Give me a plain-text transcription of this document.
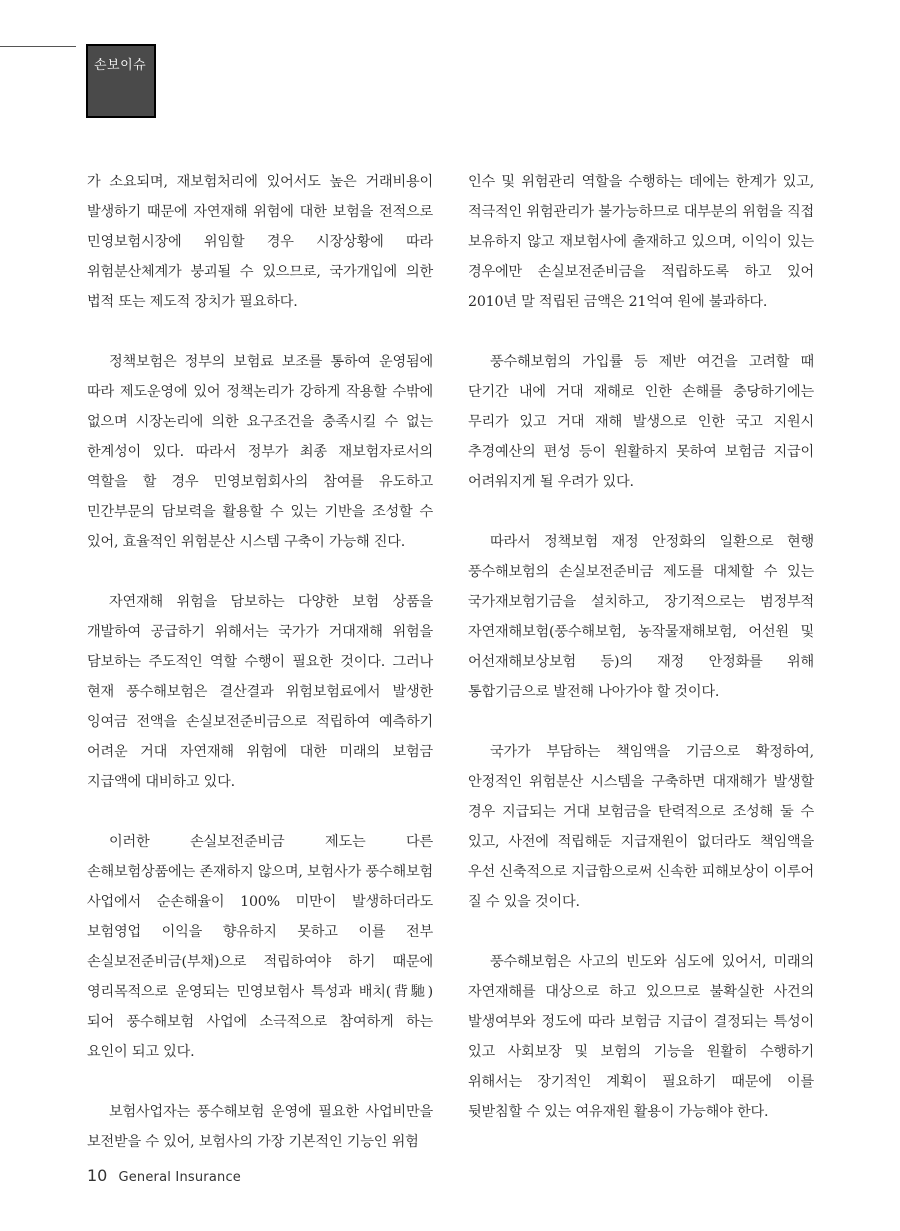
손보이슈

가 소요되며, 재보험처리에 있어서도 높은 거래비용이 발생하기 때문에 자연재해 위험에 대한 보험을 전적으로 민영보험시장에 위임할 경우 시장상황에 따라 위험분산체계가 붕괴될 수 있으므로, 국가개입에 의한 법적 또는 제도적 장치가 필요하다.

정책보험은 정부의 보험료 보조를 통하여 운영됨에 따라 제도운영에 있어 정책논리가 강하게 작용할 수밖에 없으며 시장논리에 의한 요구조건을 충족시킬 수 없는 한계성이 있다. 따라서 정부가 최종 재보험자로서의 역할을 할 경우 민영보험회사의 참여를 유도하고 민간부문의 담보력을 활용할 수 있는 기반을 조성할 수 있어, 효율적인 위험분산 시스템 구축이 가능해 진다.

자연재해 위험을 담보하는 다양한 보험 상품을 개발하여 공급하기 위해서는 국가가 거대재해 위험을 담보하는 주도적인 역할 수행이 필요한 것이다. 그러나 현재 풍수해보험은 결산결과 위험보험료에서 발생한 잉여금 전액을 손실보전준비금으로 적립하여 예측하기 어려운 거대 자연재해 위험에 대한 미래의 보험금 지급액에 대비하고 있다.

이러한 손실보전준비금 제도는 다른 손해보험상품에는 존재하지 않으며, 보험사가 풍수해보험 사업에서 순손해율이 100% 미만이 발생하더라도 보험영업 이익을 향유하지 못하고 이를 전부 손실보전준비금(부채)으로 적립하여야 하기 때문에 영리목적으로 운영되는 민영보험사 특성과 배치(背馳)되어 풍수해보험 사업에 소극적으로 참여하게 하는 요인이 되고 있다.

보험사업자는 풍수해보험 운영에 필요한 사업비만을 보전받을 수 있어, 보험사의 가장 기본적인 기능인 위험

인수 및 위험관리 역할을 수행하는 데에는 한계가 있고, 적극적인 위험관리가 불가능하므로 대부분의 위험을 직접 보유하지 않고 재보험사에 출재하고 있으며, 이익이 있는 경우에만 손실보전준비금을 적립하도록 하고 있어 2010년 말 적립된 금액은 21억여 원에 불과하다.

풍수해보험의 가입률 등 제반 여건을 고려할 때 단기간 내에 거대 재해로 인한 손해를 충당하기에는 무리가 있고 거대 재해 발생으로 인한 국고 지원시 추경예산의 편성 등이 원활하지 못하여 보험금 지급이 어려워지게 될 우려가 있다.

따라서 정책보험 재정 안정화의 일환으로 현행 풍수해보험의 손실보전준비금 제도를 대체할 수 있는 국가재보험기금을 설치하고, 장기적으로는 범정부적 자연재해보험(풍수해보험, 농작물재해보험, 어선원 및 어선재해보상보험 등)의 재정 안정화를 위해 통합기금으로 발전해 나아가야 할 것이다.

국가가 부담하는 책임액을 기금으로 확정하여, 안정적인 위험분산 시스템을 구축하면 대재해가 발생할 경우 지급되는 거대 보험금을 탄력적으로 조성해 둘 수 있고, 사전에 적립해둔 지급재원이 없더라도 책임액을 우선 신축적으로 지급함으로써 신속한 피해보상이 이루어 질 수 있을 것이다.

풍수해보험은 사고의 빈도와 심도에 있어서, 미래의 자연재해를 대상으로 하고 있으므로 불확실한 사건의 발생여부와 정도에 따라 보험금 지급이 결정되는 특성이 있고 사회보장 및 보험의 기능을 원활히 수행하기 위해서는 장기적인 계획이 필요하기 때문에 이를 뒷받침할 수 있는 여유재원 활용이 가능해야 한다.

10 General Insurance
